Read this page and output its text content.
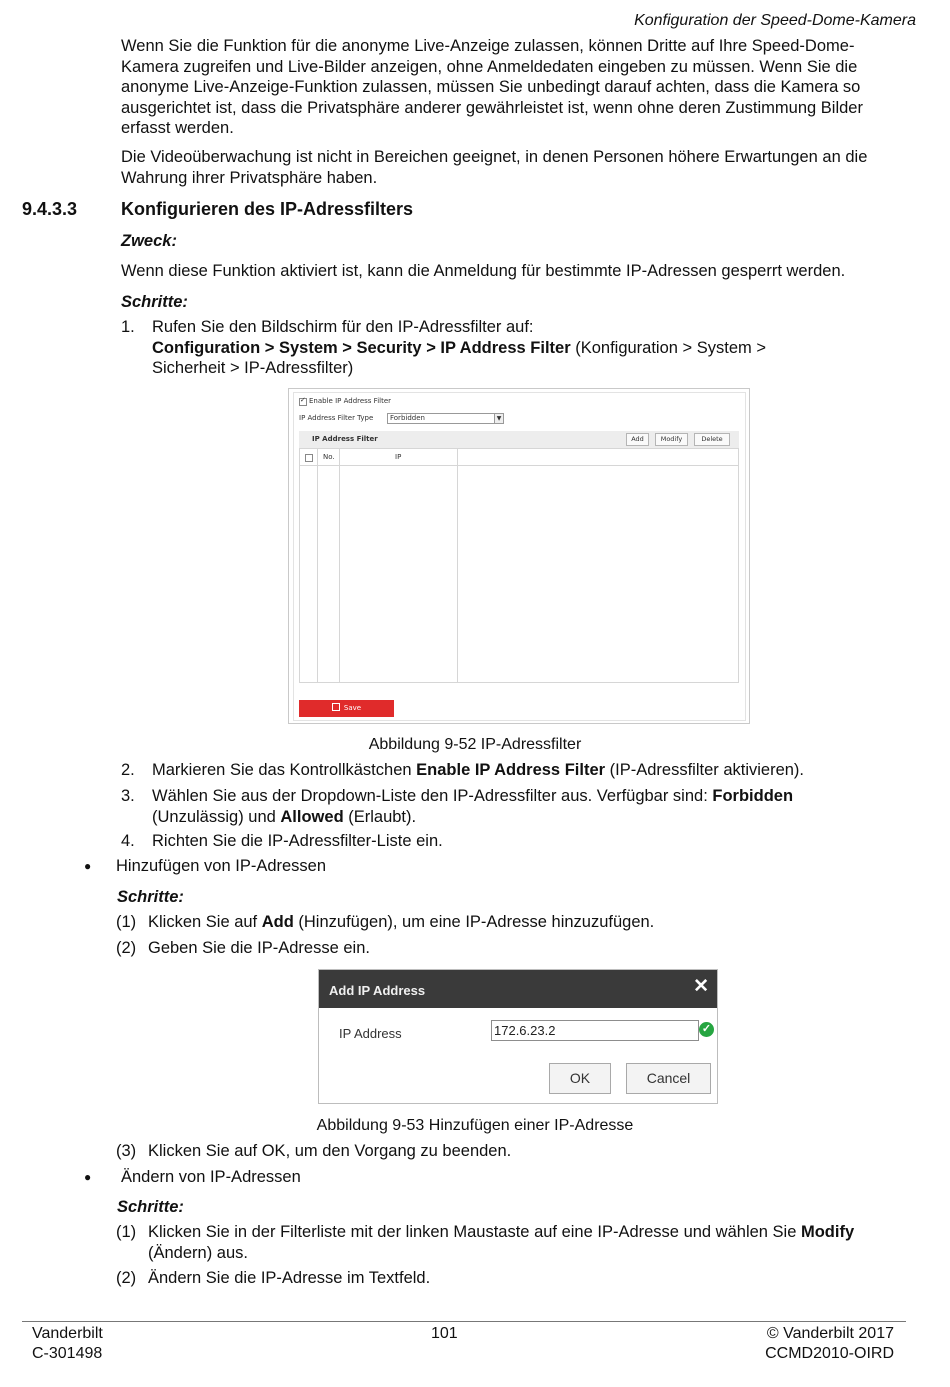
Konfiguration der Speed-Dome-Kamera
Wenn Sie die Funktion für die anonyme Live-Anzeige zulassen, können Dritte auf Ihre Speed-Dome-
Kamera zugreifen und Live-Bilder anzeigen, ohne Anmeldedaten eingeben zu müssen. Wenn Sie die
anonyme Live-Anzeige-Funktion zulassen, müssen Sie unbedingt darauf achten, dass die Kamera so
ausgerichtet ist, dass die Privatsphäre anderer gewährleistet ist, wenn ohne deren Zustimmung Bilder
erfasst werden.
Die Videoüberwachung ist nicht in Bereichen geeignet, in denen Personen höhere Erwartungen an die
Wahrung ihrer Privatsphäre haben.
9.4.3.3 Konfigurieren des IP-Adressfilters
Zweck:
Wenn diese Funktion aktiviert ist, kann die Anmeldung für bestimmte IP-Adressen gesperrt werden.
Schritte:
1. Rufen Sie den Bildschirm für den IP-Adressfilter auf:
Configuration > System > Security > IP Address Filter (Konfiguration > System >
Sicherheit > IP-Adressfilter)
✓
Enable IP Address Filter
IP Address Filter Type Forbidden	▼
IP Address Filter	Add	Modify	Delete
No.	IP
Save
Abbildung 9-52 IP-Adressfilter
2. Markieren Sie das Kontrollkästchen Enable IP Address Filter (IP-Adressfilter aktivieren).
3. Wählen Sie aus der Dropdown-Liste den IP-Adressfilter aus. Verfügbar sind: Forbidden
(Unzulässig) und Allowed (Erlaubt).
4. Richten Sie die IP-Adressfilter-Liste ein.
● Hinzufügen von IP-Adressen
Schritte:
(1) Klicken Sie auf Add (Hinzufügen), um eine IP-Adresse hinzuzufügen.
(2) Geben Sie die IP-Adresse ein.
Add IP Address	✕
IP Address	172.6.23.2	✓
OK	Cancel
Abbildung 9-53 Hinzufügen einer IP-Adresse
(3) Klicken Sie auf OK, um den Vorgang zu beenden.
● Ändern von IP-Adressen
Schritte:
(1) Klicken Sie in der Filterliste mit der linken Maustaste auf eine IP-Adresse und wählen Sie Modify
(Ändern) aus.
(2) Ändern Sie die IP-Adresse im Textfeld.
Vanderbilt
C-301498
101	© Vanderbilt 2017
CCMD2010-OIRD
